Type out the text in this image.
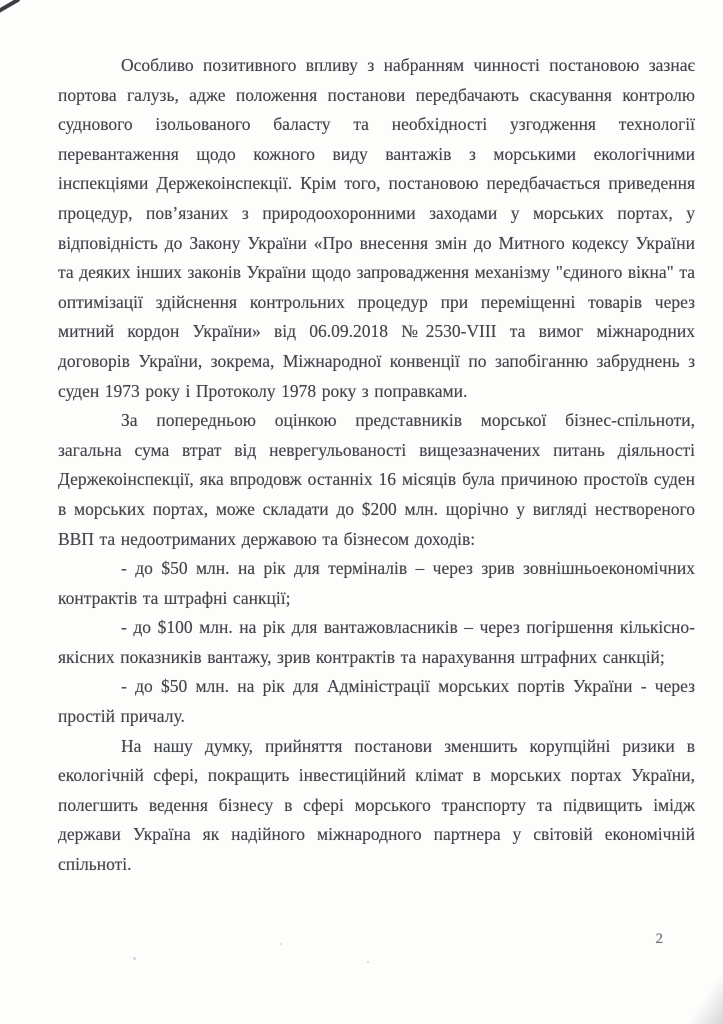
Особливо позитивного впливу з набранням чинності постановою зазнає портова галузь, адже положення постанови передбачають скасування контролю суднового ізольованого баласту та необхідності узгодження технології перевантаження щодо кожного виду вантажів з морськими екологічними інспекціями Держекоінспекції. Крім того, постановою передбачається приведення процедур, пов’язаних з природоохоронними заходами у морських портах, у відповідність до Закону України «Про внесення змін до Митного кодексу України та деяких інших законів України щодо запровадження механізму "єдиного вікна" та оптимізації здійснення контрольних процедур при переміщенні товарів через митний кордон України» від 06.09.2018 №2530-VIII та вимог міжнародних договорів України, зокрема, Міжнародної конвенції по запобіганню забруднень з суден 1973 року і Протоколу 1978 року з поправками.

За попередньою оцінкою представників морської бізнес-спільноти, загальна сума втрат від неврегульованості вищезазначених питань діяльності Держекоінспекції, яка впродовж останніх 16 місяців була причиною простоїв суден в морських портах, може складати до $200 млн. щорічно у вигляді нествореного ВВП та недоотриманих державою та бізнесом доходів:

- до $50 млн. на рік для терміналів – через зрив зовнішньоекономічних контрактів та штрафні санкції;

- до $100 млн. на рік для вантажовласників – через погіршення кількісно-якісних показників вантажу, зрив контрактів та нарахування штрафних санкцій;

- до $50 млн. на рік для Адміністрації морських портів України - через простій причалу.

На нашу думку, прийняття постанови зменшить корупційні ризики в екологічній сфері, покращить інвестиційний клімат в морських портах України, полегшить ведення бізнесу в сфері морського транспорту та підвищить імідж держави Україна як надійного міжнародного партнера у світовій економічній спільноті.

2
